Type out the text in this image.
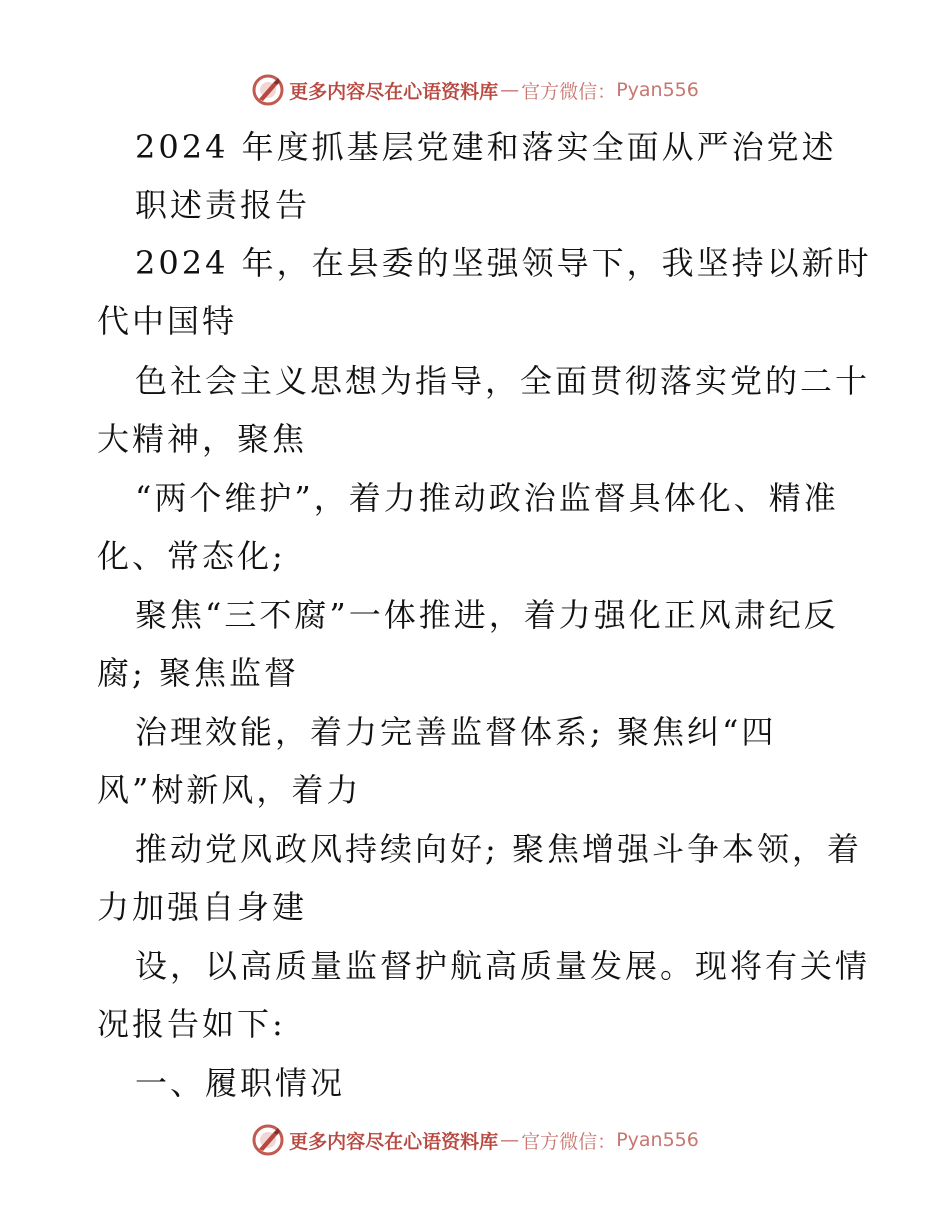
更多内容尽在心语资料库 — 官方微信： Pyan556
2024 年度抓基层党建和落实全面从严治党述
职述责报告
2024 年，在县委的坚强领导下，我坚持以新时
代中国特
色社会主义思想为指导，全面贯彻落实党的二十
大精神，聚焦
“两个维护”，着力推动政治监督具体化、精准
化、常态化;
聚焦“三不腐”一体推进，着力强化正风肃纪反
腐; 聚焦监督
治理效能，着力完善监督体系; 聚焦纠“四
风”树新风，着力
推动党风政风持续向好; 聚焦增强斗争本领，着
力加强自身建
设，以高质量监督护航高质量发展。现将有关情
况报告如下:
一、履职情况
更多内容尽在心语资料库 — 官方微信： Pyan556
